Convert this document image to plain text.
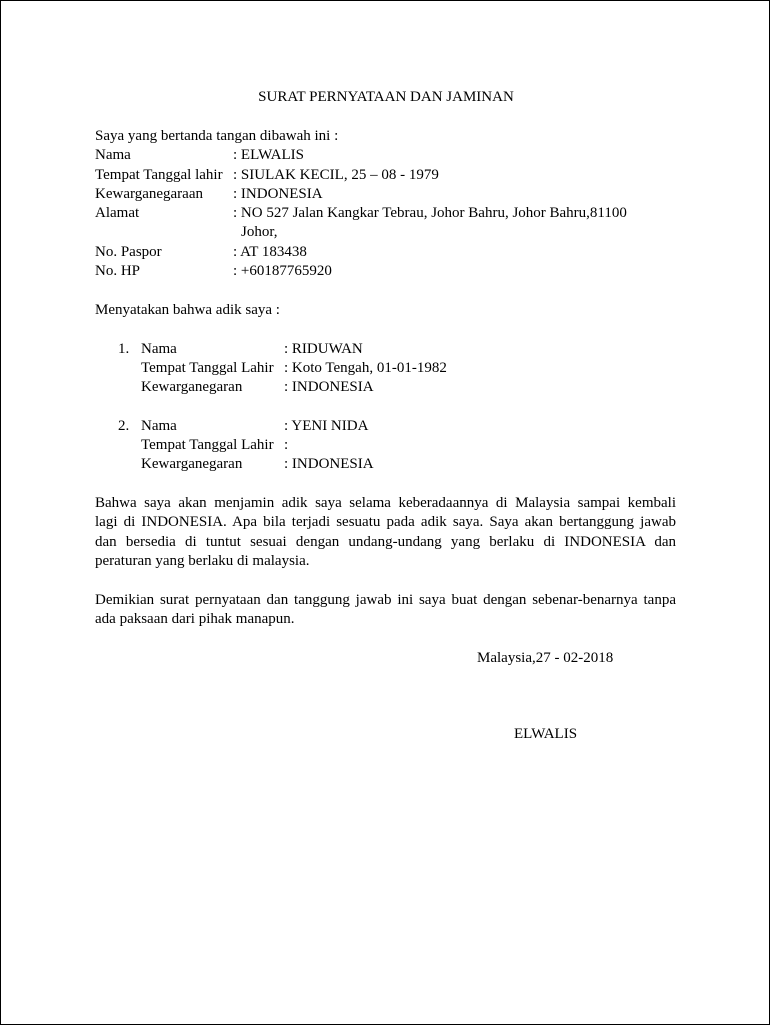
SURAT PERNYATAAN DAN JAMINAN
Saya yang bertanda tangan dibawah ini :
Nama	: ELWALIS
Tempat Tanggal lahir : SIULAK KECIL, 25 – 08 - 1979
Kewarganegaraan : INDONESIA
Alamat	: NO 527 Jalan Kangkar Tebrau, Johor Bahru, Johor Bahru,81100
Johor,
No. Paspor	: AT 183438
No. HP	: +60187765920
Menyatakan bahwa adik saya :
1. Nama	: RIDUWAN
Tempat Tanggal Lahir : Koto Tengah, 01-01-1982
Kewarganegaran	: INDONESIA
2. Nama	: YENI NIDA
Tempat Tanggal Lahir :
Kewarganegaran	: INDONESIA
Bahwa saya akan menjamin adik saya selama keberadaannya di Malaysia sampai kembali
lagi di INDONESIA. Apa bila terjadi sesuatu pada adik saya. Saya akan bertanggung jawab
dan bersedia di tuntut sesuai dengan undang-undang yang berlaku di INDONESIA dan
peraturan yang berlaku di malaysia.
Demikian surat pernyataan dan tanggung jawab ini saya buat dengan sebenar-benarnya tanpa
ada paksaan dari pihak manapun.
Malaysia,27 - 02-2018
ELWALIS
